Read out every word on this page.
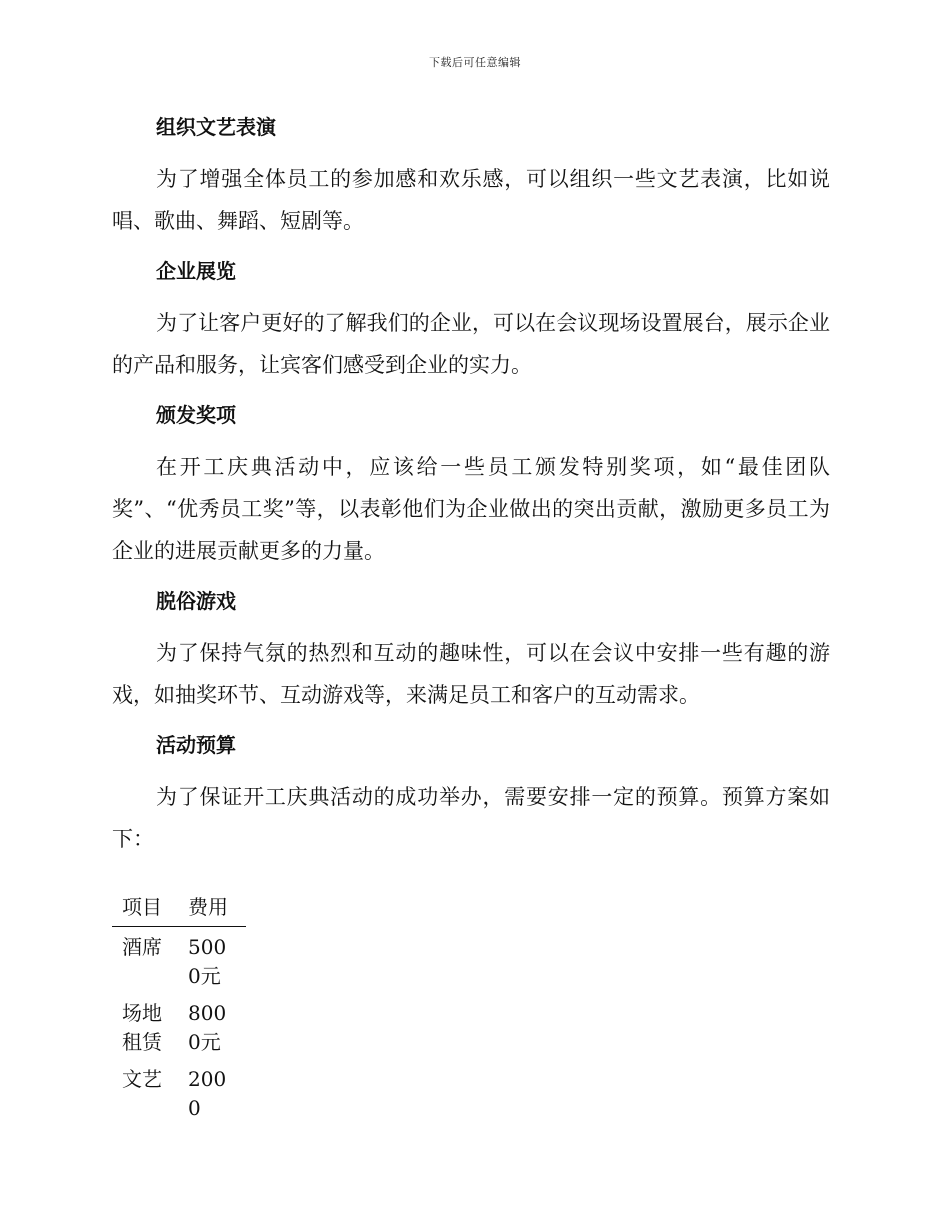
下载后可任意编辑
组织文艺表演

为了增强全体员工的参加感和欢乐感，可以组织一些文艺表演，比如说唱、歌曲、舞蹈、短剧等。

企业展览

为了让客户更好的了解我们的企业，可以在会议现场设置展台，展示企业的产品和服务，让宾客们感受到企业的实力。

颁发奖项

在开工庆典活动中，应该给一些员工颁发特别奖项，如“最佳团队奖”、“优秀员工奖”等，以表彰他们为企业做出的突出贡献，激励更多员工为企业的进展贡献更多的力量。

脱俗游戏

为了保持气氛的热烈和互动的趣味性，可以在会议中安排一些有趣的游戏，如抽奖环节、互动游戏等，来满足员工和客户的互动需求。

活动预算

为了保证开工庆典活动的成功举办，需要安排一定的预算。预算方案如下：

项目	费用
酒席	5000元
场地租赁	8000元
文艺	2000
